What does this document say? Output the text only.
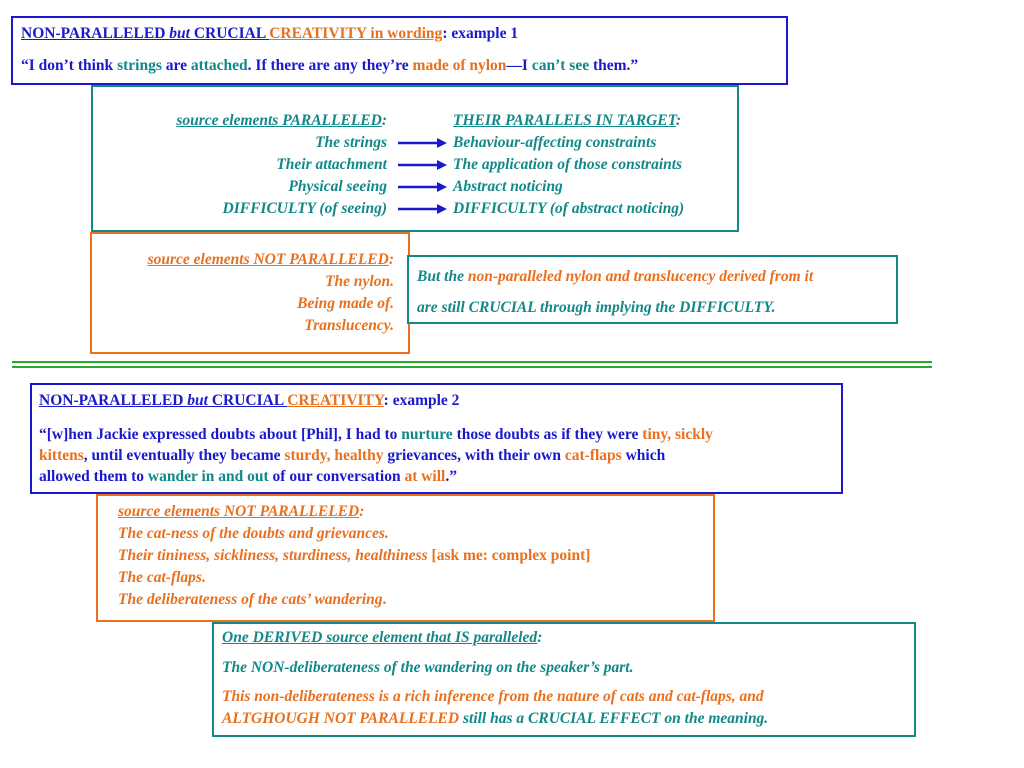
NON-PARALLELED but CRUCIAL CREATIVITY in wording: example 1
“I don’t think strings are attached. If there are any they’re made of nylon—I can’t see them.”
source elements PARALLELED:	THEIR PARALLELS IN TARGET:
The strings
Their attachment
Physical seeing
DIFFICULTY (of seeing)
Behaviour-affecting constraints
The application of those constraints
Abstract noticing
DIFFICULTY (of abstract noticing)
source elements NOT PARALLELED:
The nylon.
Being made of.
Translucency.
But the non-paralleled nylon and translucency derived from it
are still CRUCIAL through implying the DIFFICULTY.
NON-PARALLELED but CRUCIAL CREATIVITY: example 2
“[w]hen Jackie expressed doubts about [Phil], I had to nurture those doubts as if they were tiny, sickly
kittens, until eventually they became sturdy, healthy grievances, with their own cat-flaps which
allowed them to wander in and out of our conversation at will.”
source elements NOT PARALLELED:
The cat-ness of the doubts and grievances.
Their tininess, sickliness, sturdiness, healthiness [ask me: complex point]
The cat-flaps.
The deliberateness of the cats’ wandering.
One DERIVED source element that IS paralleled:
The NON-deliberateness of the wandering on the speaker’s part.
This non-deliberateness is a rich inference from the nature of cats and cat-flaps, and
ALTGHOUGH NOT PARALLELED still has a CRUCIAL EFFECT on the meaning.
